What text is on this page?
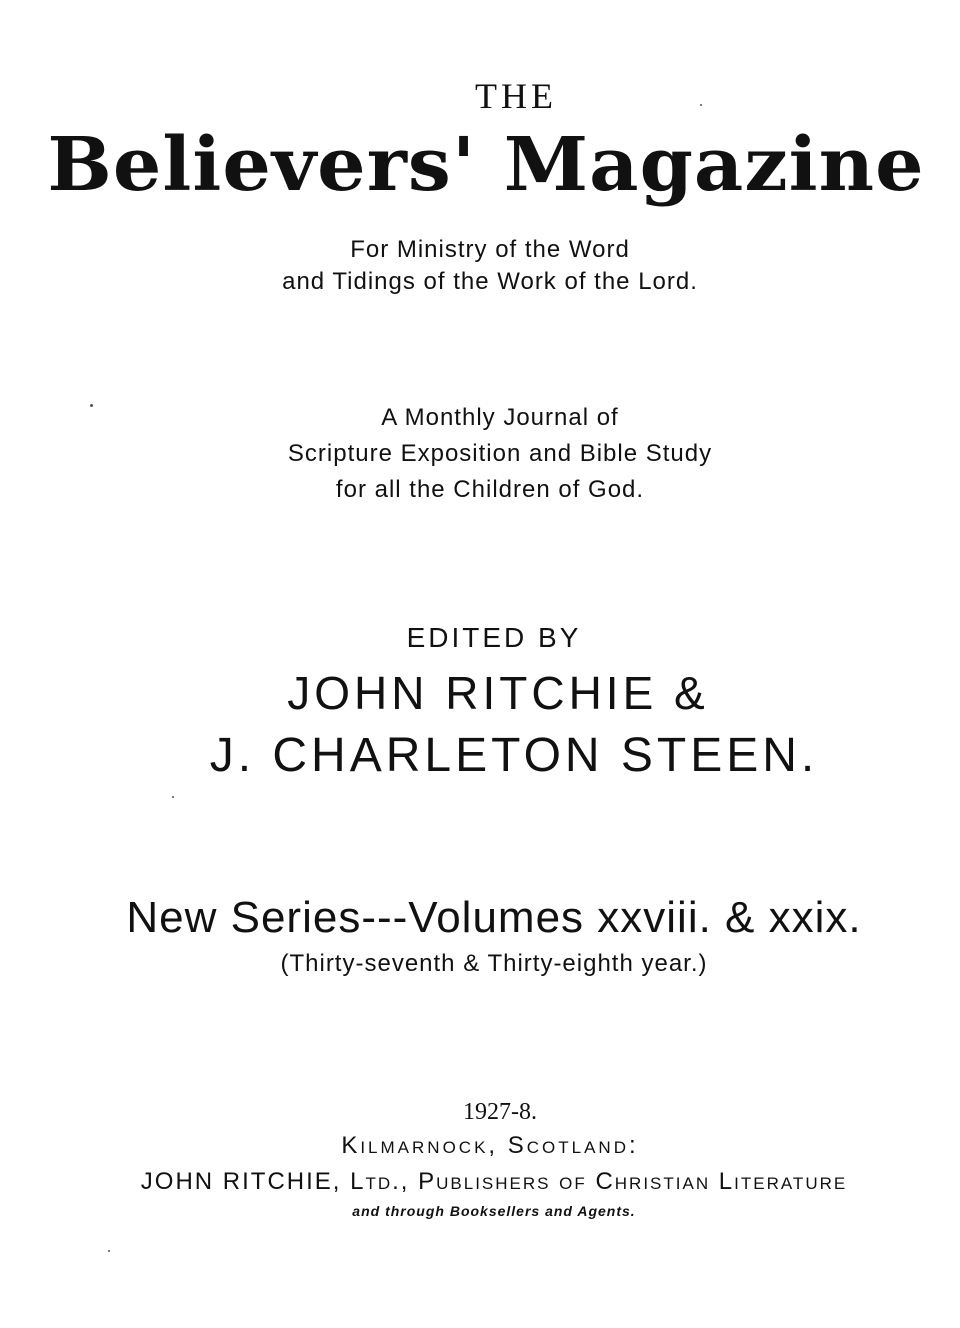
THE
Believers' Magazine
For Ministry of the Word
and Tidings of the Work of the Lord.
A Monthly Journal of
Scripture Exposition and Bible Study
for all the Children of God.
EDITED BY
JOHN RITCHIE &
J. CHARLETON STEEN.
New Series---Volumes xxviii. & xxix.
(Thirty-seventh & Thirty-eighth year.)
1927-8.
Kilmarnock, Scotland:
JOHN RITCHIE, Ltd., Publishers of Christian Literature
and through Booksellers and Agents.
